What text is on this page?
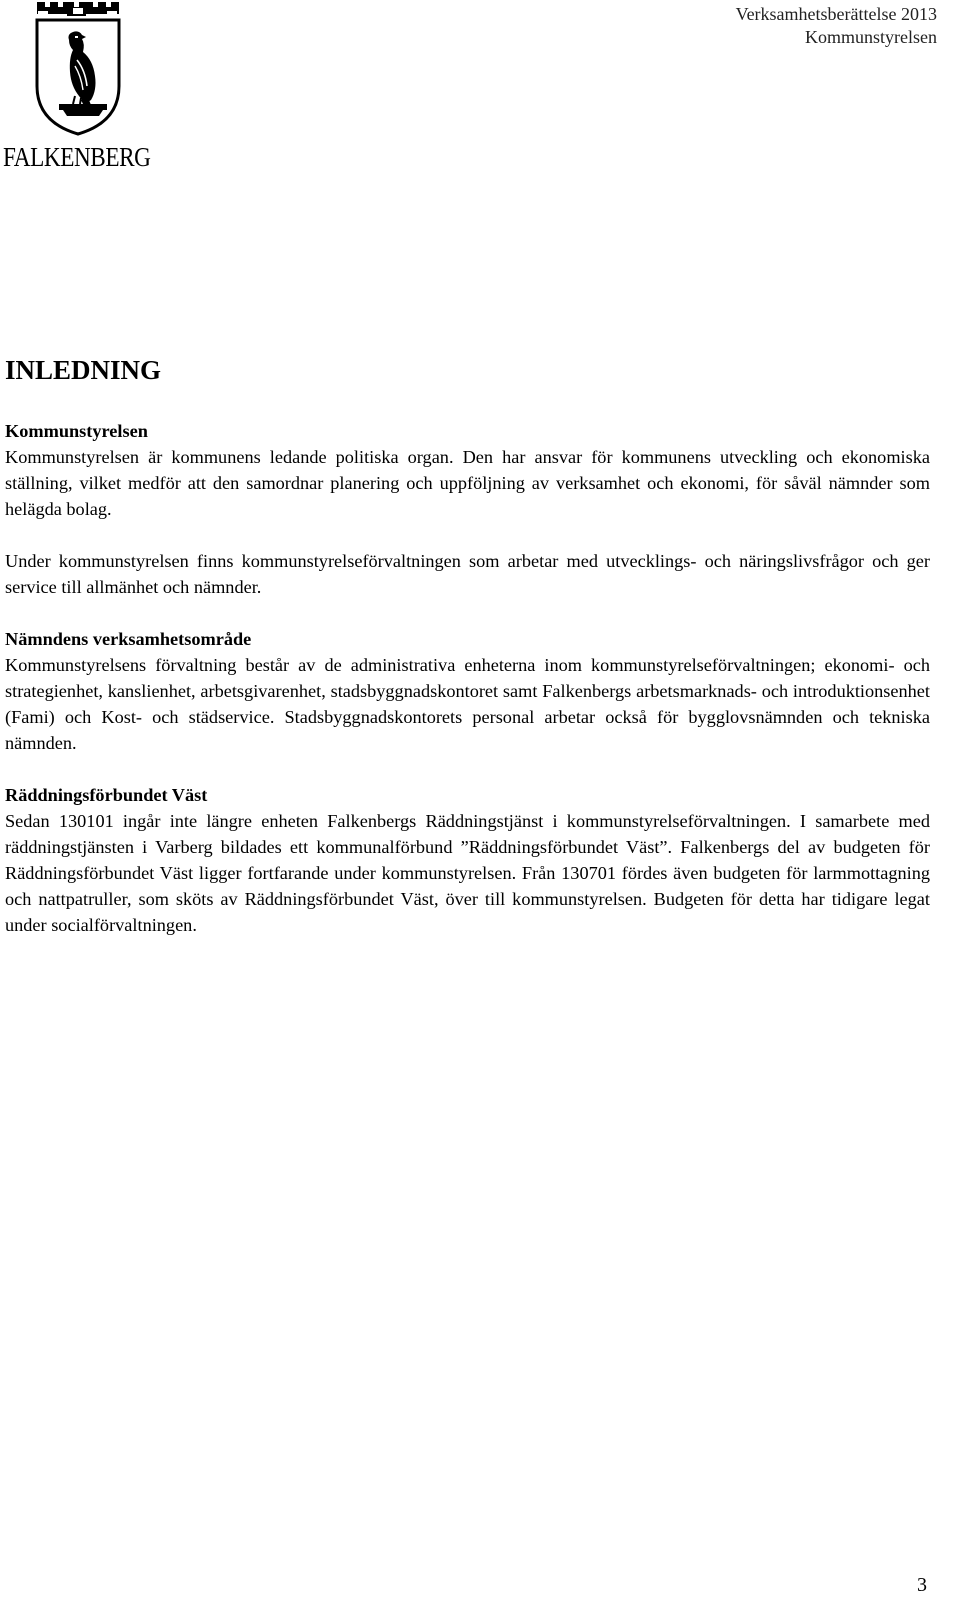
FALKENBERG
Verksamhetsberättelse 2013
Kommunstyrelsen
INLEDNING
Kommunstyrelsen

Kommunstyrelsen är kommunens ledande politiska organ. Den har ansvar för kommunens utveckling och ekonomiska ställning, vilket medför att den samordnar planering och uppföljning av verksamhet och ekonomi, för såväl nämnder som helägda bolag.

Under kommunstyrelsen finns kommunstyrelseförvaltningen som arbetar med utvecklings- och näringslivsfrågor och ger service till allmänhet och nämnder.

Nämndens verksamhetsområde

Kommunstyrelsens förvaltning består av de administrativa enheterna inom kommunstyrelseförvaltningen; ekonomi- och strategienhet, kanslienhet, arbetsgivarenhet, stadsbyggnadskontoret samt Falkenbergs arbetsmarknads- och introduktionsenhet (Fami) och Kost- och städservice. Stadsbyggnadskontorets personal arbetar också för bygglovsnämnden och tekniska nämnden.

Räddningsförbundet Väst

Sedan 130101 ingår inte längre enheten Falkenbergs Räddningstjänst i kommunstyrelseförvaltningen. I samarbete med räddningstjänsten i Varberg bildades ett kommunalförbund ”Räddningsförbundet Väst”. Falkenbergs del av budgeten för Räddningsförbundet Väst ligger fortfarande under kommunstyrelsen. Från 130701 fördes även budgeten för larmmottagning och nattpatruller, som sköts av Räddningsförbundet Väst, över till kommunstyrelsen. Budgeten för detta har tidigare legat under socialförvaltningen.

3
